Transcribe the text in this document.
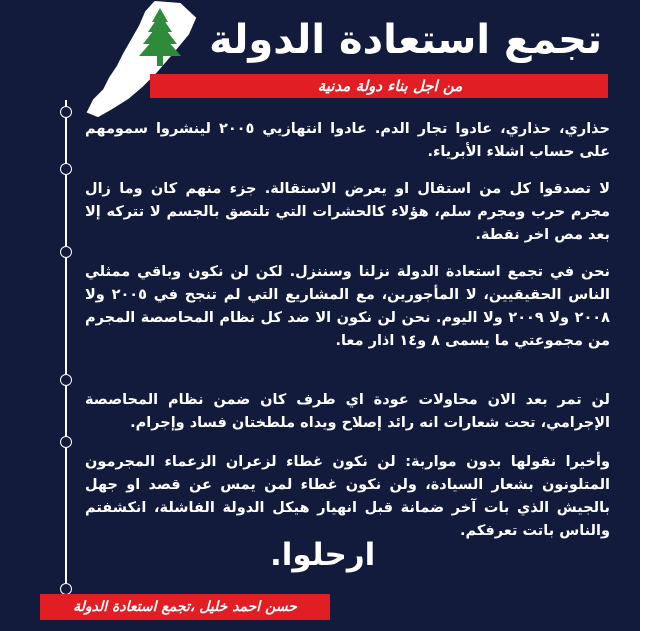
تجمع استعادة الدولة
من اجل بناء دولة مدنية
حذاري، حذاري، عادوا تجار الدم. عادوا انتهازيي ٢٠٠٥ لينشروا سمومهم على حساب اشلاء الأبرياء.
لا تصدقوا كل من استقال او يعرض الاستقالة. جزء منهم كان وما زال مجرم حرب ومجرم سلم، هؤلاء كالحشرات التي تلتصق بالجسم لا تتركه إلا بعد مص اخر نقطة.
نحن في تجمع استعادة الدولة نزلنا وسننزل. لكن لن نكون وباقي ممثلي الناس الحقيقيين، لا المأجورين، مع المشاريع التي لم تنجح في ٢٠٠٥ ولا ٢٠٠٨ ولا ٢٠٠٩ ولا اليوم. نحن لن نكون الا ضد كل نظام المحاصصة المجرم من مجموعتي ما يسمى ٨ و١٤ اذار معا.
لن تمر بعد الان محاولات عودة اي طرف كان ضمن نظام المحاصصة الإجرامي، تحت شعارات انه رائد إصلاح ويداه ملطختان فساد وإجرام.
وأخيرا نقولها بدون مواربة: لن نكون غطاء لزعران الزعماء المجرمون المتلونون بشعار السيادة، ولن نكون غطاء لمن يمس عن قصد او جهل بالجيش الذي بات آخر ضمانة قبل انهيار هيكل الدولة الفاشلة، انكشفتم والناس باتت تعرفكم.
ارحلوا.
حسن احمد خليل ،تجمع استعادة الدولة
